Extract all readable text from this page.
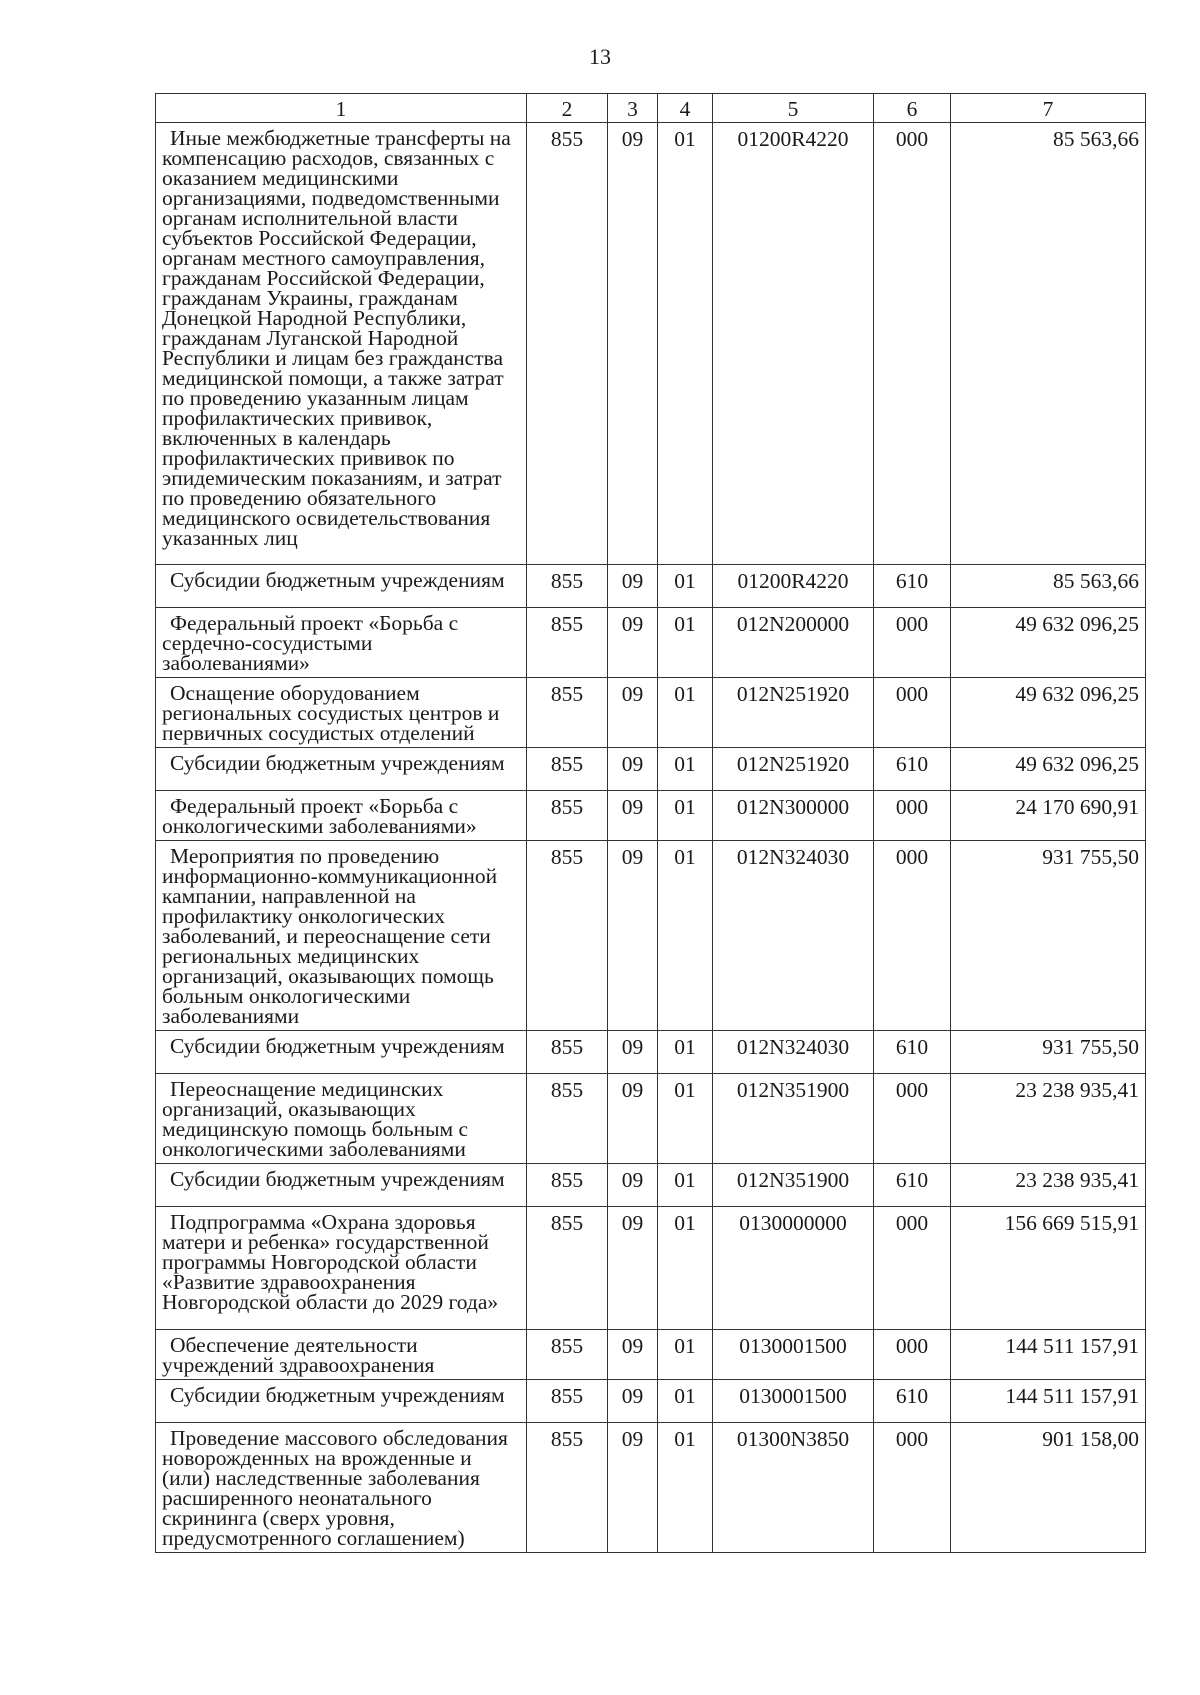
13
1	2	3	4	5	6	7
Иные межбюджетные трансферты на компенсацию расходов, связанных с оказанием медицинскими организациями, подведомственными органам исполнительной власти субъектов Российской Федерации, органам местного самоуправления, гражданам Российской Федерации, гражданам Украины, гражданам Донецкой Народной Республики, гражданам Луганской Народной Республики и лицам без гражданства медицинской помощи, а также затрат по проведению указанным лицам профилактических прививок, включенных в календарь профилактических прививок по эпидемическим показаниям, и затрат по проведению обязательного медицинского освидетельствования указанных лиц	855	09	01	01200R4220	000	85 563,66
Субсидии бюджетным учреждениям	855	09	01	01200R4220	610	85 563,66
Федеральный проект «Борьба с сердечно-сосудистыми заболеваниями»	855	09	01	012N200000	000	49 632 096,25
Оснащение оборудованием региональных сосудистых центров и первичных сосудистых отделений	855	09	01	012N251920	000	49 632 096,25
Субсидии бюджетным учреждениям	855	09	01	012N251920	610	49 632 096,25
Федеральный проект «Борьба с онкологическими заболеваниями»	855	09	01	012N300000	000	24 170 690,91
Мероприятия по проведению информационно-коммуникационной кампании, направленной на профилактику онкологических заболеваний, и переоснащение сети региональных медицинских организаций, оказывающих помощь больным онкологическими заболеваниями	855	09	01	012N324030	000	931 755,50
Субсидии бюджетным учреждениям	855	09	01	012N324030	610	931 755,50
Переоснащение медицинских организаций, оказывающих медицинскую помощь больным с онкологическими заболеваниями	855	09	01	012N351900	000	23 238 935,41
Субсидии бюджетным учреждениям	855	09	01	012N351900	610	23 238 935,41
Подпрограмма «Охрана здоровья матери и ребенка» государственной программы Новгородской области «Развитие здравоохранения Новгородской области до 2029 года»	855	09	01	0130000000	000	156 669 515,91
Обеспечение деятельности учреждений здравоохранения	855	09	01	0130001500	000	144 511 157,91
Субсидии бюджетным учреждениям	855	09	01	0130001500	610	144 511 157,91
Проведение массового обследования новорожденных на врожденные и (или) наследственные заболевания расширенного неонатального скрининга (сверх уровня, предусмотренного соглашением)	855	09	01	01300N3850	000	901 158,00
